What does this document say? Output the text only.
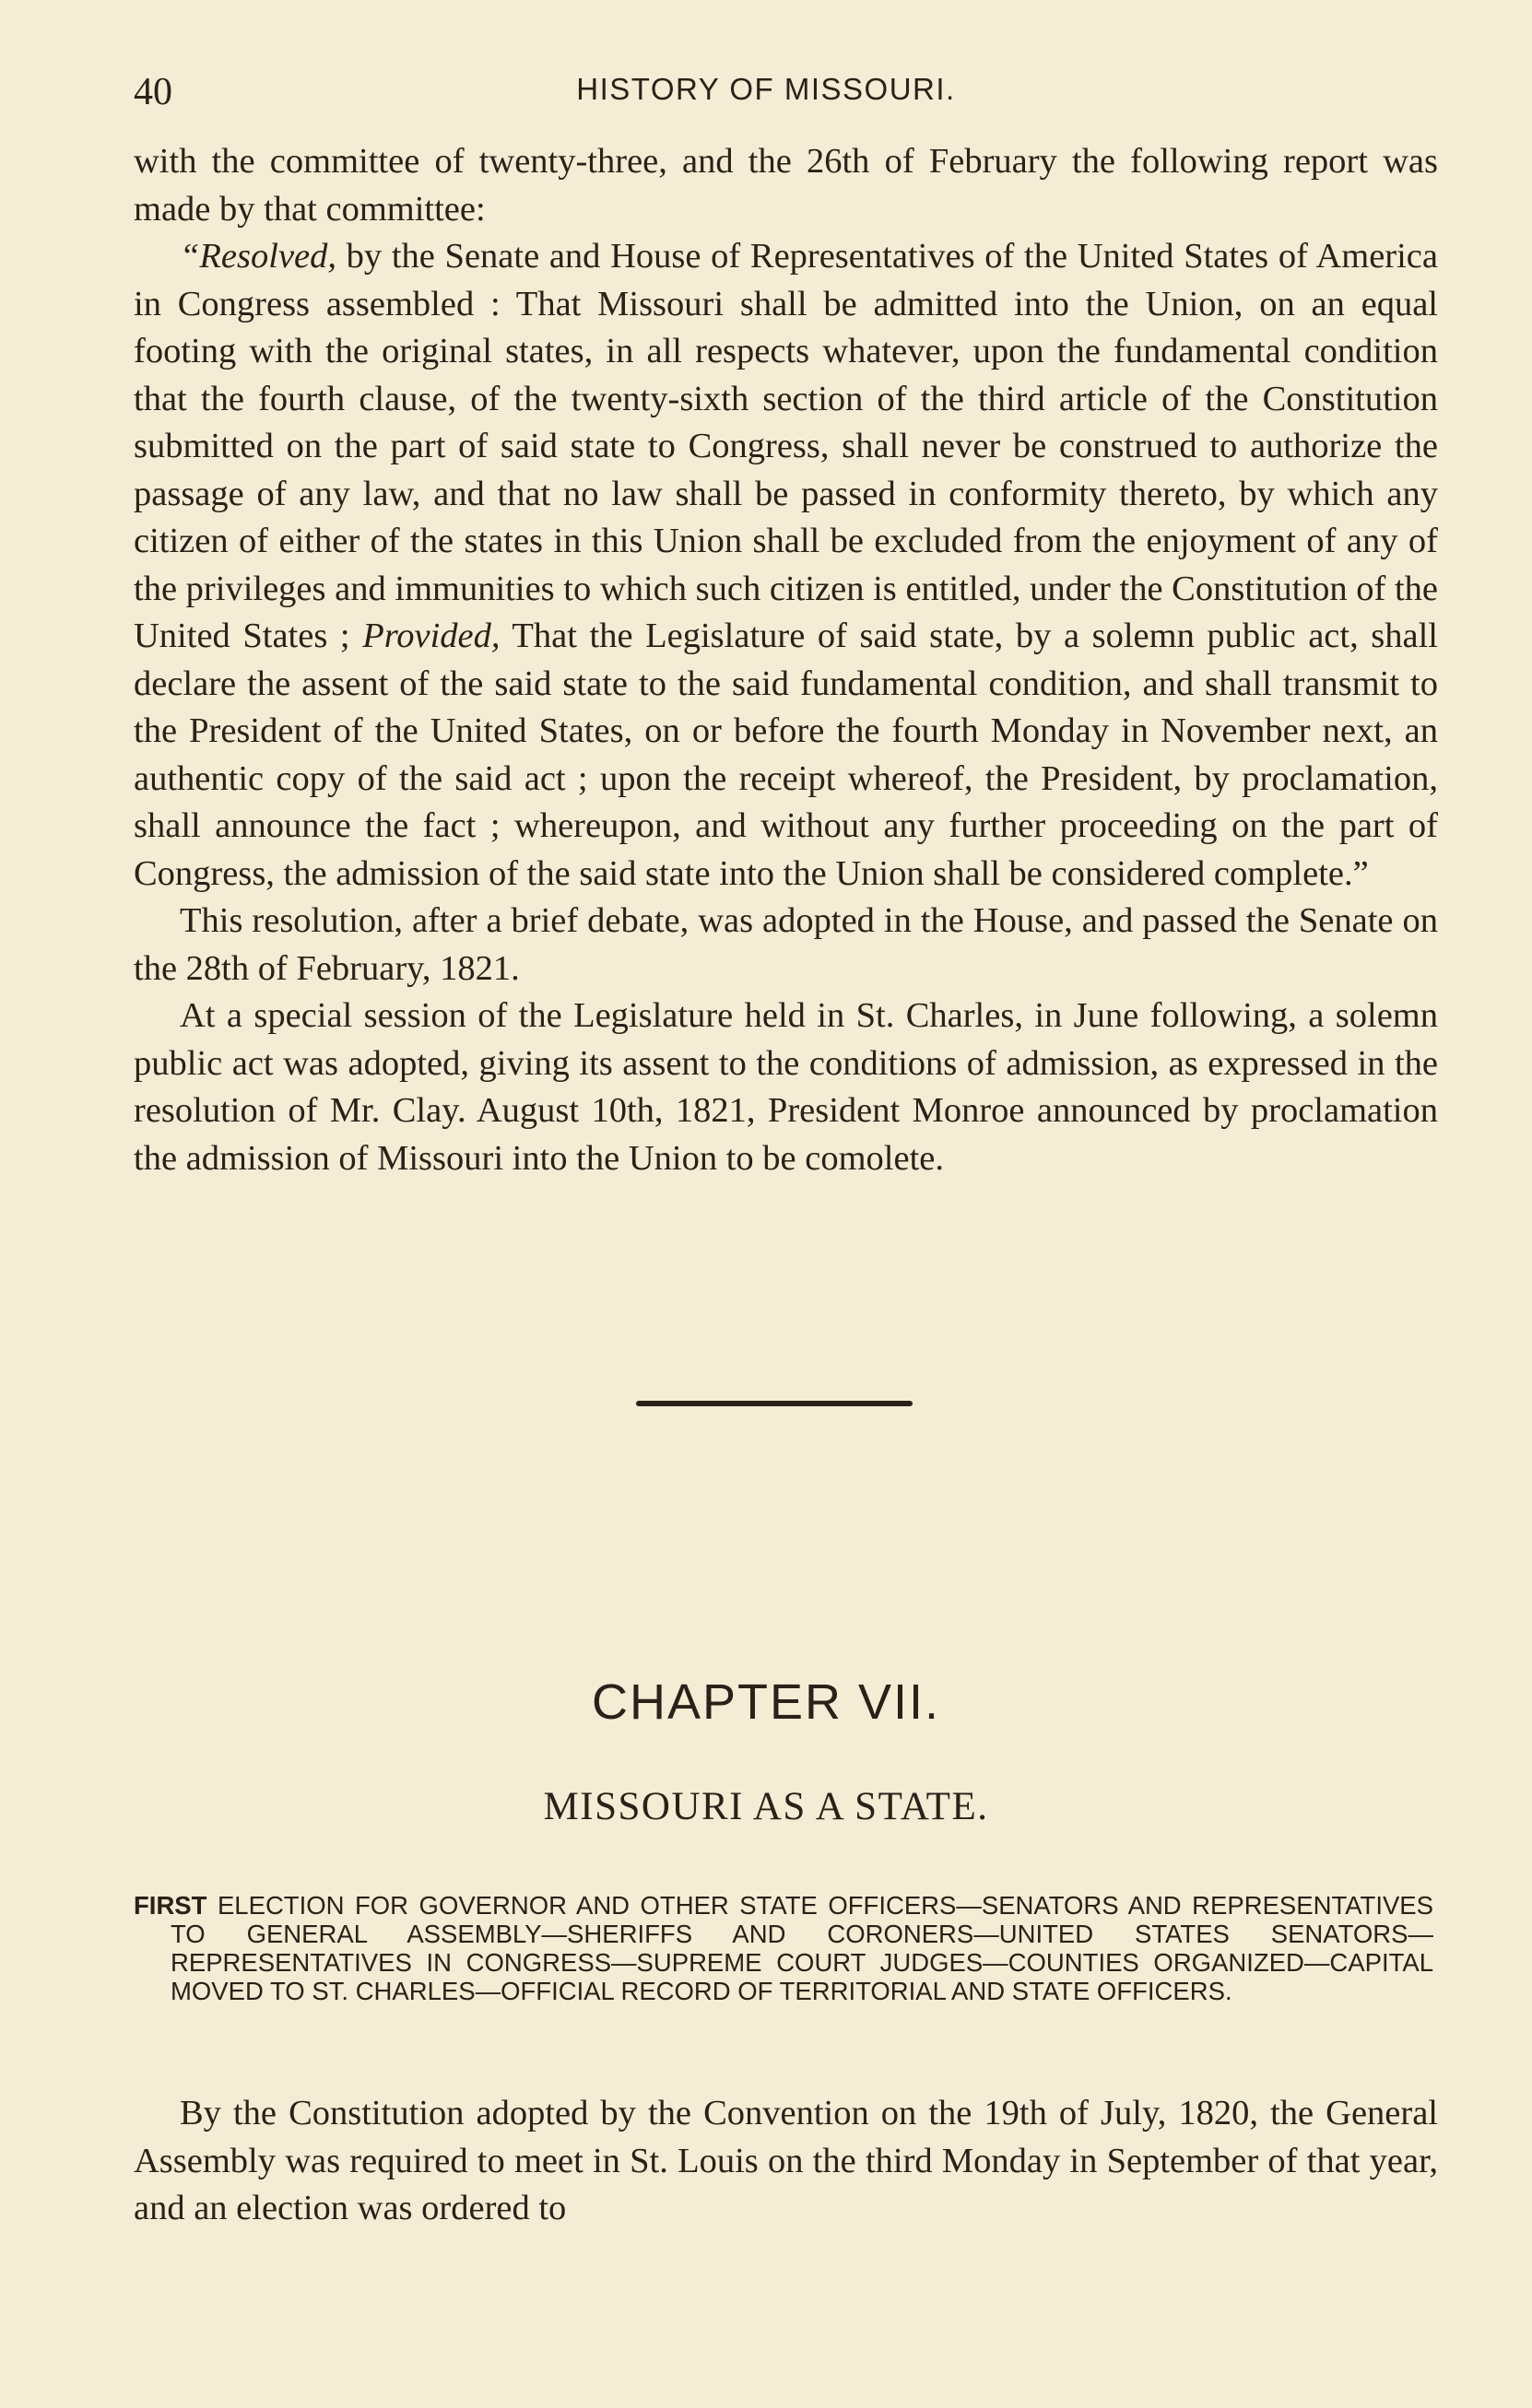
40	HISTORY OF MISSOURI.

with the committee of twenty-three, and the 26th of February the following report was made by that committee:

“Resolved, by the Senate and House of Representatives of the United States of America in Congress assembled : That Missouri shall be admitted into the Union, on an equal footing with the original states, in all respects whatever, upon the fundamental condition that the fourth clause, of the twenty-sixth section of the third article of the Constitution submitted on the part of said state to Congress, shall never be construed to authorize the passage of any law, and that no law shall be passed in conformity thereto, by which any citizen of either of the states in this Union shall be excluded from the enjoyment of any of the privileges and immunities to which such citizen is entitled, under the Constitution of the United States ; Provided, That the Legislature of said state, by a solemn public act, shall declare the assent of the said state to the said fundamental condition, and shall transmit to the President of the United States, on or before the fourth Monday in November next, an authentic copy of the said act ; upon the receipt whereof, the President, by proclamation, shall announce the fact ; whereupon, and without any further proceeding on the part of Congress, the admission of the said state into the Union shall be considered complete.”

This resolution, after a brief debate, was adopted in the House, and passed the Senate on the 28th of February, 1821.

At a special session of the Legislature held in St. Charles, in June following, a solemn public act was adopted, giving its assent to the conditions of admission, as expressed in the resolution of Mr. Clay. August 10th, 1821, President Monroe announced by proclamation the admission of Missouri into the Union to be comolete.

CHAPTER VII.
MISSOURI AS A STATE.
FIRST ELECTION FOR GOVERNOR AND OTHER STATE OFFICERS—SENATORS AND REPRESENTATIVES TO GENERAL ASSEMBLY—SHERIFFS AND CORONERS—UNITED STATES SENATORS—REPRESENTATIVES IN CONGRESS—SUPREME COURT JUDGES—COUNTIES ORGANIZED—CAPITAL MOVED TO ST. CHARLES—OFFICIAL RECORD OF TERRITORIAL AND STATE OFFICERS.

By the Constitution adopted by the Convention on the 19th of July, 1820, the General Assembly was required to meet in St. Louis on the third Monday in September of that year, and an election was ordered to
